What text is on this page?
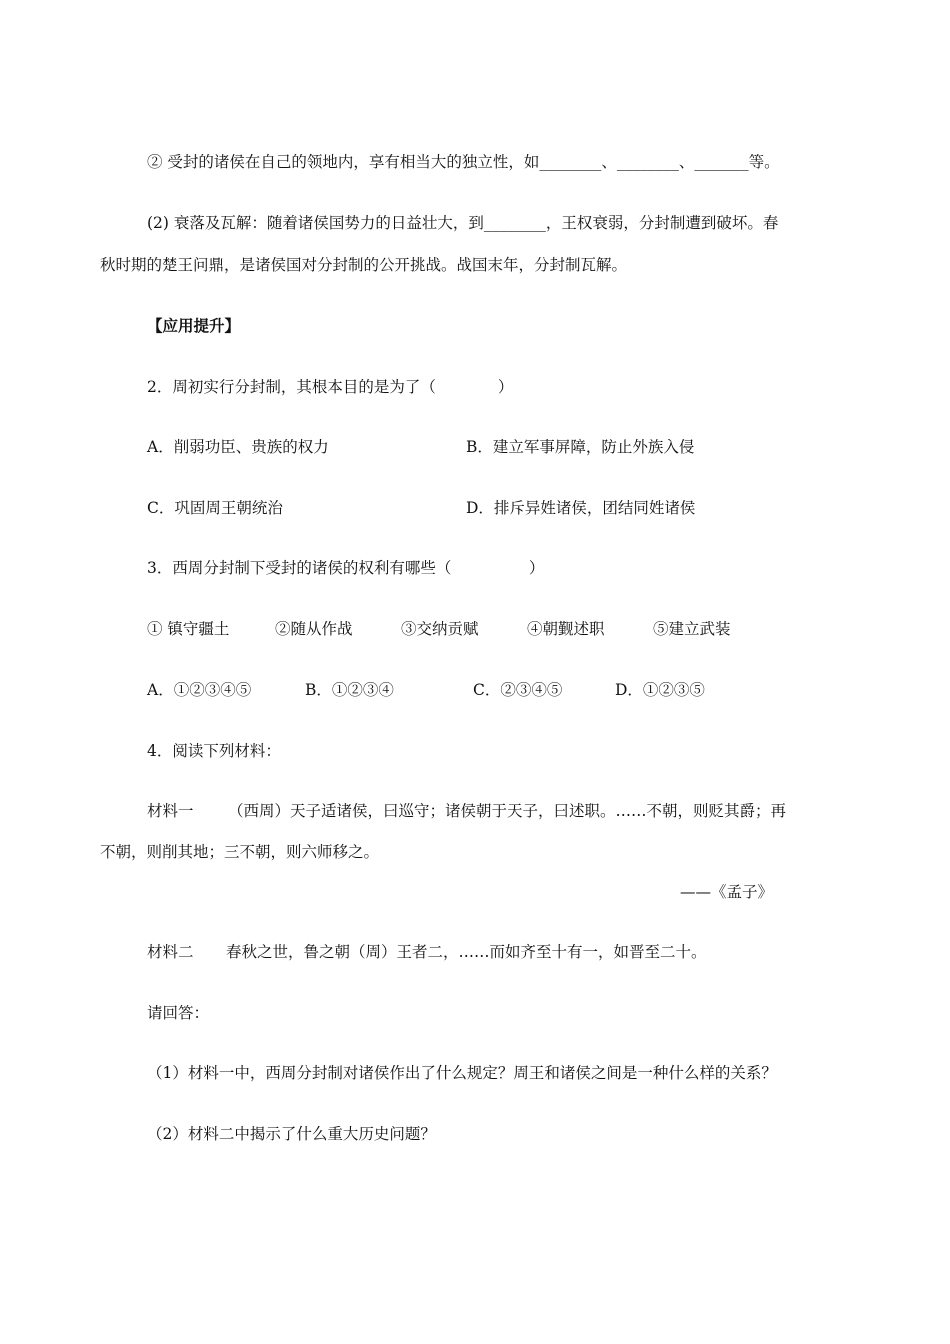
② 受封的诸侯在自己的领地内，享有相当大的独立性，如________、________、_______等。
(2) 衰落及瓦解：随着诸侯国势力的日益壮大，到________，王权衰弱，分封制遭到破坏。春
秋时期的楚王问鼎，是诸侯国对分封制的公开挑战。战国末年，分封制瓦解。
【应用提升】
2．周初实行分封制，其根本目的是为了（　　　　）
A．削弱功臣、贵族的权力	B．建立军事屏障，防止外族入侵
C．巩固周王朝统治	D．排斥异姓诸侯，团结同姓诸侯
3．西周分封制下受封的诸侯的权利有哪些（　　　　　）
① 镇守疆土	②随从作战	③交纳贡赋	④朝觐述职	⑤建立武装
A．①②③④⑤	B．①②③④	C．②③④⑤	D．①②③⑤
4．阅读下列材料：
材料一 （西周）天子适诸侯，曰巡守；诸侯朝于天子，曰述职。……不朝，则贬其爵；再
不朝，则削其地；三不朝，则六师移之。
——《孟子》
材料二 春秋之世，鲁之朝（周）王者二，……而如齐至十有一，如晋至二十。
请回答：
（1）材料一中，西周分封制对诸侯作出了什么规定？周王和诸侯之间是一种什么样的关系？
（2）材料二中揭示了什么重大历史问题？
